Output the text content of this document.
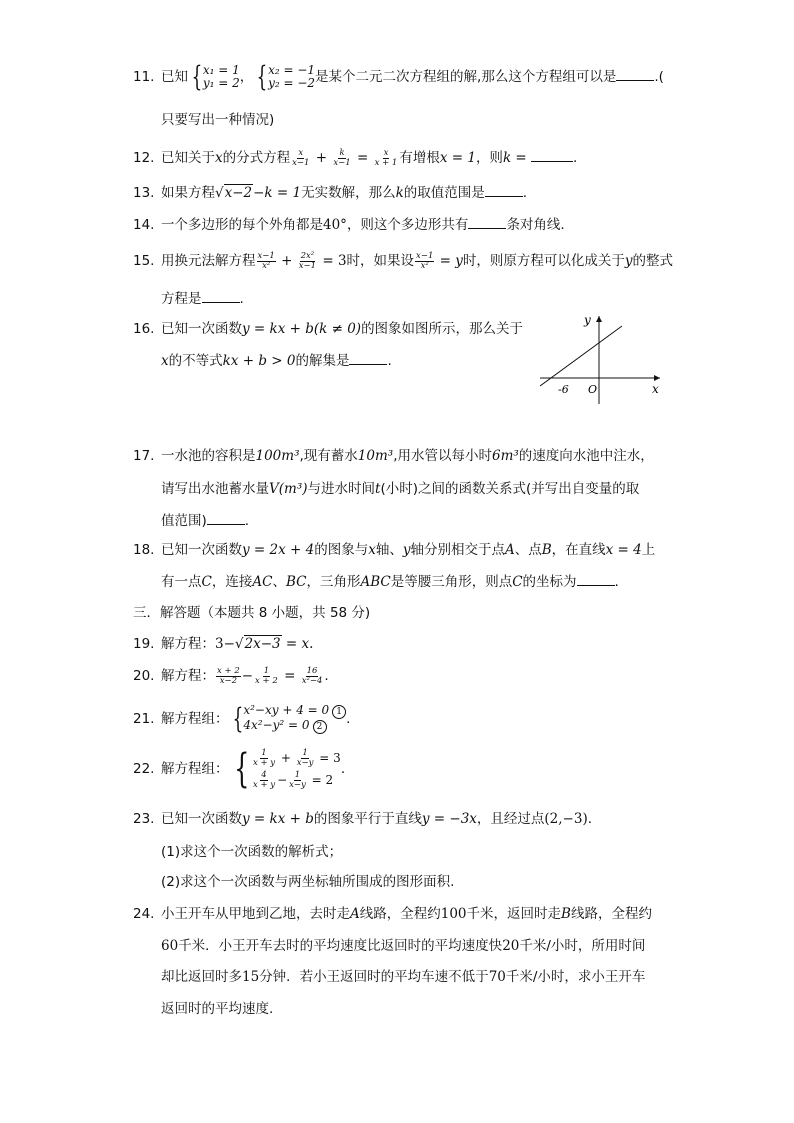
11. 已知 { x₁ = 1
y₁ = 2 ， { x₂ = −1
y₂ = −2 是某个二元二次方程组的解,那么这个方程组可以是	.(
只要写出一种情况)
12. 已知关于x的分式方程 $\frac{x}{x-1} + \frac{k}{x-1} = \frac{x}{x + 1}$ 有增根x = 1，则k =	.
13. 如果方程√x−2−k = 1无实数解，那么k的取值范围是	.
14. 一个多边形的每个外角都是40°，则这个多边形共有	条对角线.
15. 用换元法解方程 $\frac{x-1}{\text{x²}} + \frac{\text{2x²}}{x-1} = 3$时，如果设 $\frac{x-1}{\text{x²}} = y$时，则原方程可以化成关于y的整式
方程是	.
16. 已知一次函数y = kx + b(k ≠ 0)的图象如图所示，那么关于
x的不等式kx + b > 0的解集是	.
y
x
-6 O
17. 一水池的容积是100m³,现有蓄水10m³,用水管以每小时6m³的速度向水池中注水，
请写出水池蓄水量V(m³)与进水时间t(小时)之间的函数关系式(并写出自变量的取
值范围)	.
18. 已知一次函数y = 2x + 4的图象与x轴、y轴分别相交于点A、点B，在直线x = 4上
有一点C，连接AC、BC，三角形ABC是等腰三角形，则点C的坐标为	.
三．解答题（本题共 8 小题，共 58 分)
19. 解方程：3−√2x−3 = x.
20. 解方程： $\frac{x + 2}{x-2} - \frac{1}{x + 2} = \frac{16}{\text{x²−4}}$ .
21. 解方程组： { x²−xy + 4 = 0 1
4x²−y² = 0 2	.
22. 解方程组： { $\frac{1}{x + y} + \frac{1}{x-y} = 3$
$\frac{4}{x + y} - \frac{1}{x-y} = 2$
.
23. 已知一次函数y = kx + b的图象平行于直线y = −3x，且经过点(2,−3).
(1)求这个一次函数的解析式；
(2)求这个一次函数与两坐标轴所围成的图形面积.
24. 小王开车从甲地到乙地，去时走A线路，全程约100千米，返回时走B线路，全程约
60千米．小王开车去时的平均速度比返回时的平均速度快20千米/小时，所用时间
却比返回时多15分钟．若小王返回时的平均车速不低于70千米/小时，求小王开车
返回时的平均速度.
